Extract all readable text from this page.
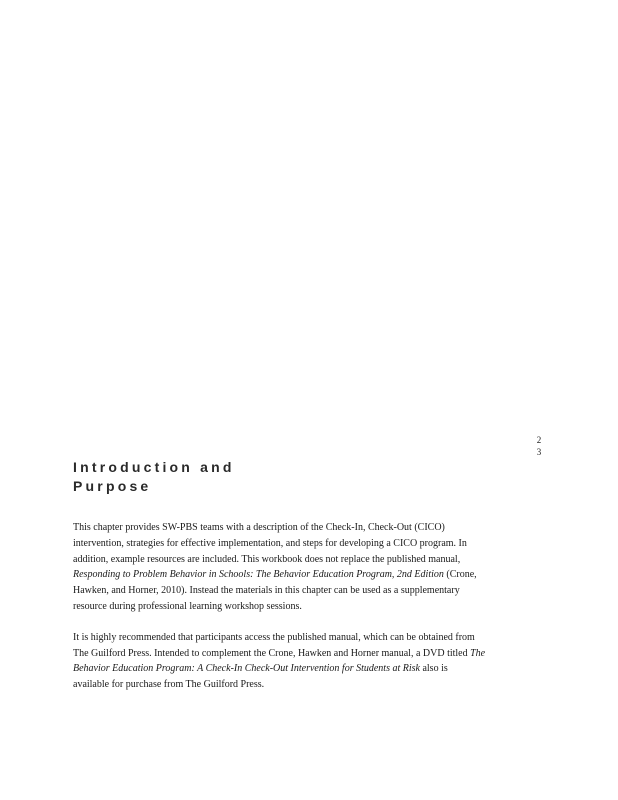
2
3
Introduction and
Purpose

This chapter provides SW-PBS teams with a description of the Check-In, Check-Out (CICO)
intervention, strategies for effective implementation, and steps for developing a CICO program. In
addition, example resources are included. This workbook does not replace the published manual,
Responding to Problem Behavior in Schools: The Behavior Education Program, 2nd Edition (Crone,
Hawken, and Horner, 2010). Instead the materials in this chapter can be used as a supplementary
resource during professional learning workshop sessions.

It is highly recommended that participants access the published manual, which can be obtained from
The Guilford Press. Intended to complement the Crone, Hawken and Horner manual, a DVD titled The
Behavior Education Program: A Check-In Check-Out Intervention for Students at Risk also is
available for purchase from The Guilford Press.
